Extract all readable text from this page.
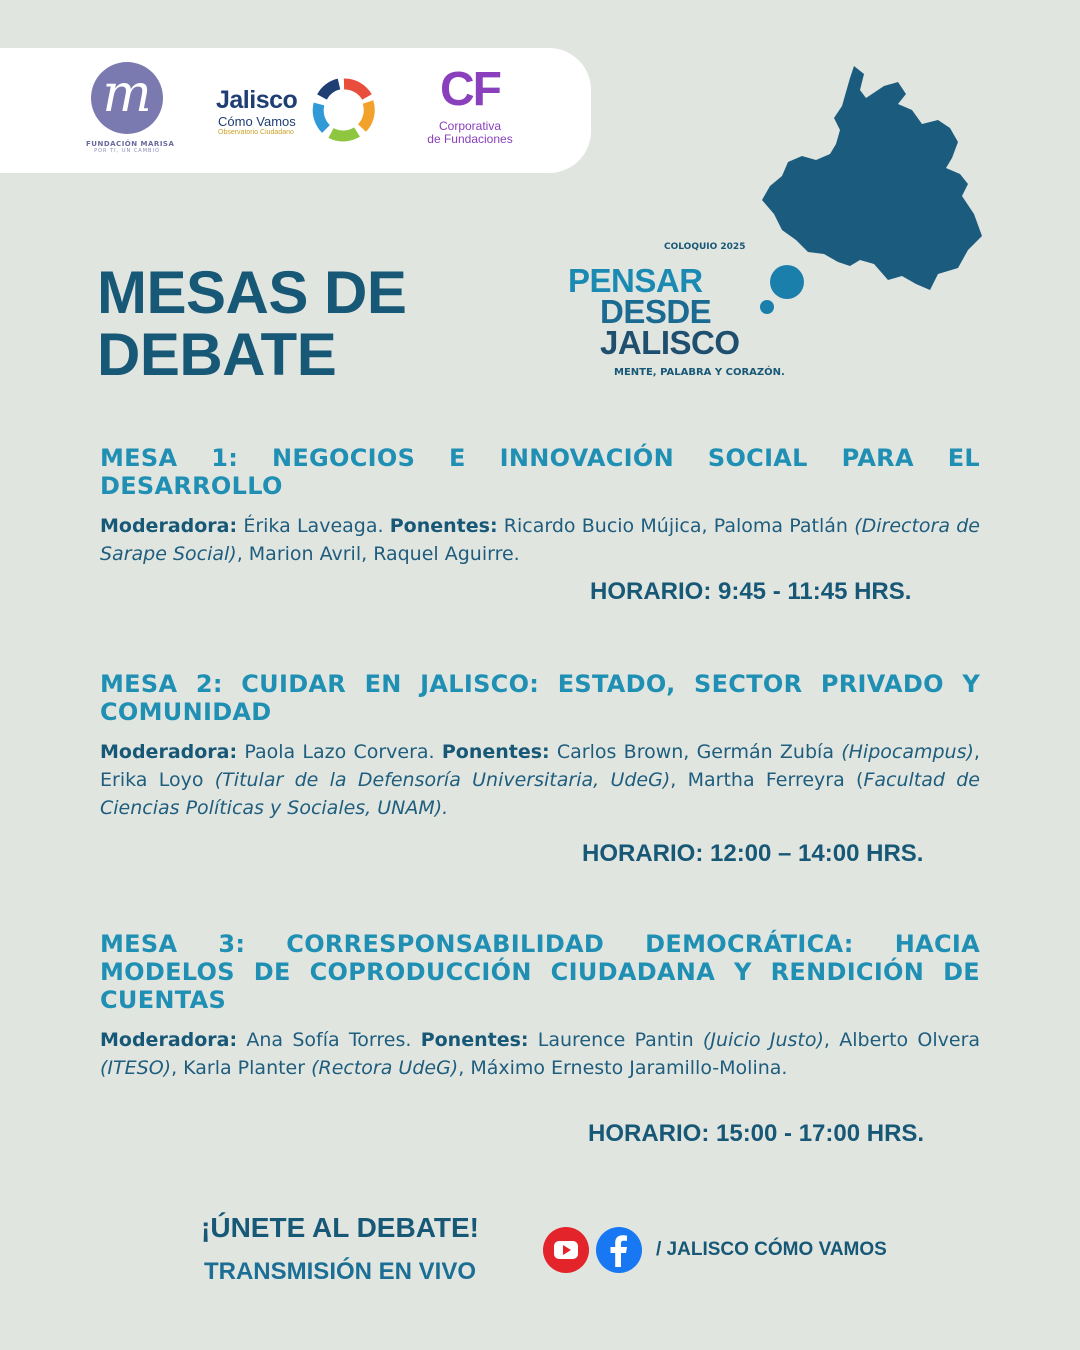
m
FUNDACIÓN MARISA
POR TI, UN CAMBIO
Jalisco
Cómo Vamos
Observatorio Ciudadano
CF
Corporativa
de Fundaciones
COLOQUIO 2025
PENSAR
DESDE
JALISCO
MENTE, PALABRA Y CORAZÓN.
MESAS DE
DEBATE

MESA 1: NEGOCIOS E INNOVACIÓN SOCIAL PARA EL DESARROLLO

Moderadora: Érika Laveaga. Ponentes: Ricardo Bucio Mújica, Paloma Patlán (Directora de Sarape Social), Marion Avril, Raquel Aguirre.

HORARIO: 9:45 - 11:45 HRS.

MESA 2: CUIDAR EN JALISCO: ESTADO, SECTOR PRIVADO Y COMUNIDAD

Moderadora: Paola Lazo Corvera. Ponentes: Carlos Brown, Germán Zubía (Hipocampus), Erika Loyo (Titular de la Defensoría Universitaria, UdeG), Martha Ferreyra (Facultad de Ciencias Políticas y Sociales, UNAM).

HORARIO: 12:00 – 14:00 HRS.

MESA 3: CORRESPONSABILIDAD DEMOCRÁTICA: HACIA MODELOS DE COPRODUCCIÓN CIUDADANA Y RENDICIÓN DE CUENTAS

Moderadora: Ana Sofía Torres. Ponentes: Laurence Pantin (Juicio Justo), Alberto Olvera (ITESO), Karla Planter (Rectora UdeG), Máximo Ernesto Jaramillo-Molina.

HORARIO: 15:00 - 17:00 HRS.
¡ÚNETE AL DEBATE!
TRANSMISIÓN EN VIVO
/ JALISCO CÓMO VAMOS
